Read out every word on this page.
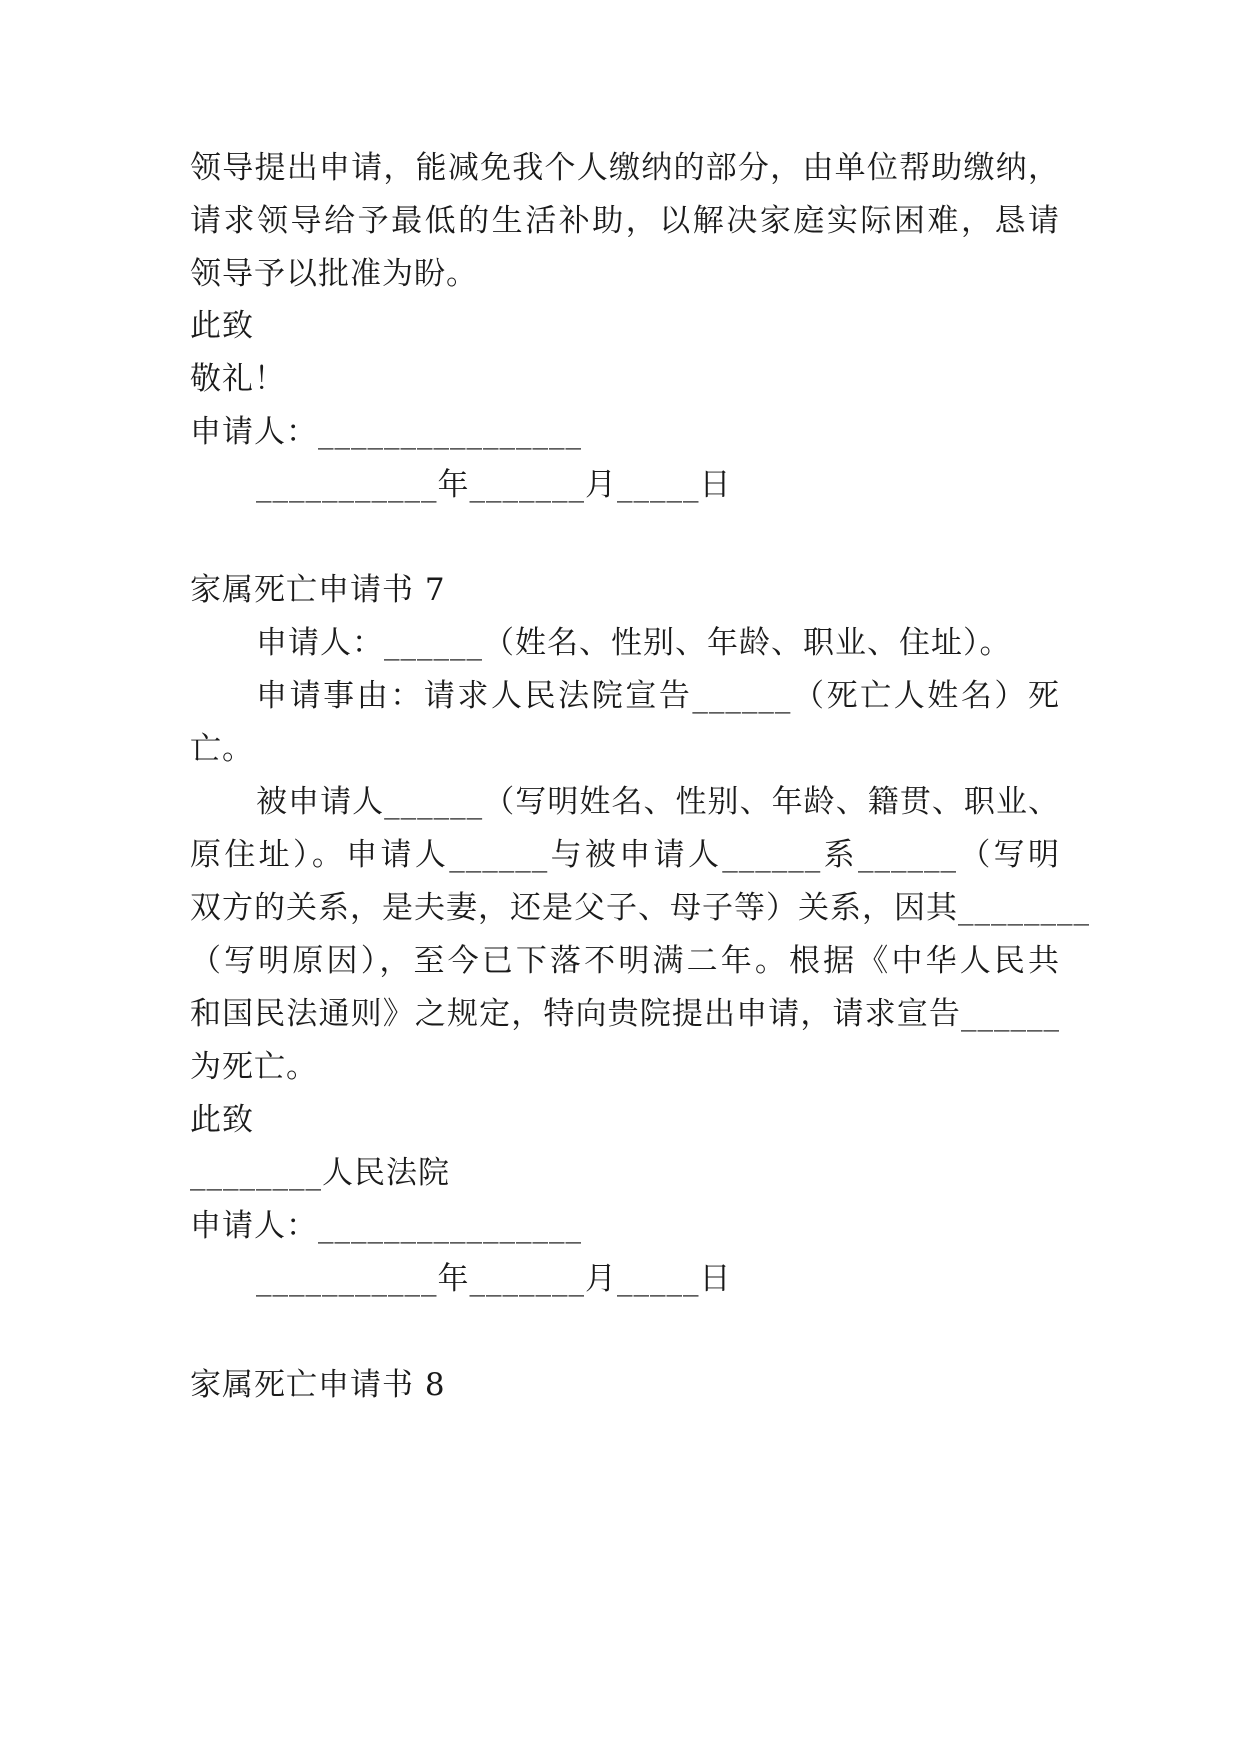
领导提出申请，能减免我个人缴纳的部分，由单位帮助缴纳，
请求领导给予最低的生活补助，以解决家庭实际困难，恳请
领导予以批准为盼。
此致
敬礼！
申请人：________________
___________年_______月_____日
家属死亡申请书 7
申请人：______（姓名、性别、年龄、职业、住址）。
申请事由：请求人民法院宣告______（死亡人姓名）死
亡。
被申请人______（写明姓名、性别、年龄、籍贯、职业、
原住址）。申请人______与被申请人______系______（写明
双方的关系，是夫妻，还是父子、母子等）关系，因其________
（写明原因），至今已下落不明满二年。根据《中华人民共
和国民法通则》之规定，特向贵院提出申请，请求宣告______
为死亡。
此致
________人民法院
申请人：________________
___________年_______月_____日
家属死亡申请书 8
